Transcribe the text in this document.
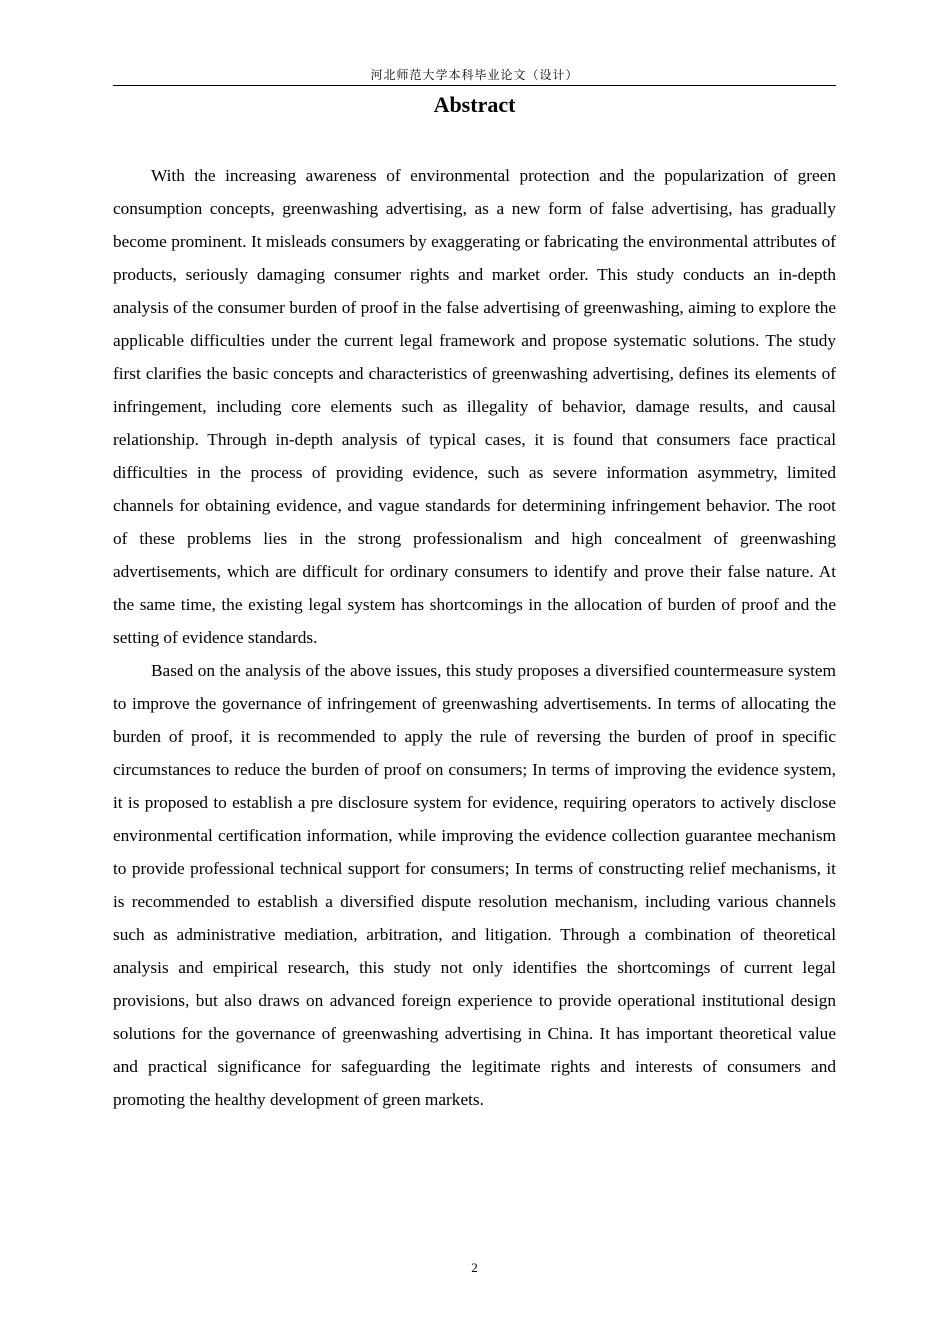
河北师范大学本科毕业论文（设计）
Abstract

With the increasing awareness of environmental protection and the popularization of green consumption concepts, greenwashing advertising, as a new form of false advertising, has gradually become prominent. It misleads consumers by exaggerating or fabricating the environmental attributes of products, seriously damaging consumer rights and market order. This study conducts an in-depth analysis of the consumer burden of proof in the false advertising of greenwashing, aiming to explore the applicable difficulties under the current legal framework and propose systematic solutions. The study first clarifies the basic concepts and characteristics of greenwashing advertising, defines its elements of infringement, including core elements such as illegality of behavior, damage results, and causal relationship. Through in-depth analysis of typical cases, it is found that consumers face practical difficulties in the process of providing evidence, such as severe information asymmetry, limited channels for obtaining evidence, and vague standards for determining infringement behavior. The root of these problems lies in the strong professionalism and high concealment of greenwashing advertisements, which are difficult for ordinary consumers to identify and prove their false nature. At the same time, the existing legal system has shortcomings in the allocation of burden of proof and the setting of evidence standards.

Based on the analysis of the above issues, this study proposes a diversified countermeasure system to improve the governance of infringement of greenwashing advertisements. In terms of allocating the burden of proof, it is recommended to apply the rule of reversing the burden of proof in specific circumstances to reduce the burden of proof on consumers; In terms of improving the evidence system, it is proposed to establish a pre disclosure system for evidence, requiring operators to actively disclose environmental certification information, while improving the evidence collection guarantee mechanism to provide professional technical support for consumers; In terms of constructing relief mechanisms, it is recommended to establish a diversified dispute resolution mechanism, including various channels such as administrative mediation, arbitration, and litigation. Through a combination of theoretical analysis and empirical research, this study not only identifies the shortcomings of current legal provisions, but also draws on advanced foreign experience to provide operational institutional design solutions for the governance of greenwashing advertising in China. It has important theoretical value and practical significance for safeguarding the legitimate rights and interests of consumers and promoting the healthy development of green markets.

2
